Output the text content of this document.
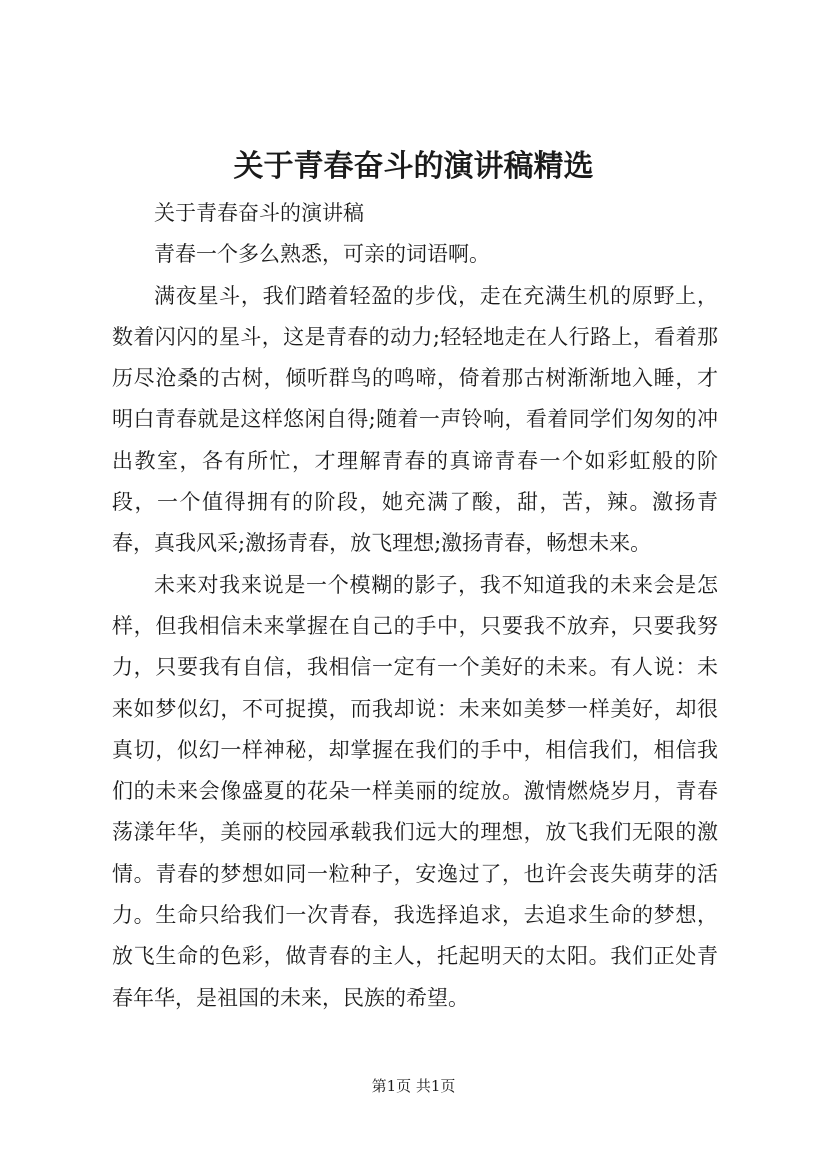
关于青春奋斗的演讲稿精选

关于青春奋斗的演讲稿

青春一个多么熟悉，可亲的词语啊。

满夜星斗，我们踏着轻盈的步伐，走在充满生机的原野上，数着闪闪的星斗，这是青春的动力;轻轻地走在人行路上，看着那历尽沧桑的古树，倾听群鸟的鸣啼，倚着那古树渐渐地入睡，才明白青春就是这样悠闲自得;随着一声铃响，看着同学们匆匆的冲出教室，各有所忙，才理解青春的真谛青春一个如彩虹般的阶段，一个值得拥有的阶段，她充满了酸，甜，苦，辣。激扬青春，真我风采;激扬青春，放飞理想;激扬青春，畅想未来。

未来对我来说是一个模糊的影子，我不知道我的未来会是怎样，但我相信未来掌握在自己的手中，只要我不放弃，只要我努力，只要我有自信，我相信一定有一个美好的未来。有人说：未来如梦似幻，不可捉摸，而我却说：未来如美梦一样美好，却很真切，似幻一样神秘，却掌握在我们的手中，相信我们，相信我们的未来会像盛夏的花朵一样美丽的绽放。激情燃烧岁月，青春荡漾年华，美丽的校园承载我们远大的理想，放飞我们无限的激情。青春的梦想如同一粒种子，安逸过了，也许会丧失萌芽的活力。生命只给我们一次青春，我选择追求，去追求生命的梦想，放飞生命的色彩，做青春的主人，托起明天的太阳。我们正处青春年华，是祖国的未来，民族的希望。

第1页 共1页
